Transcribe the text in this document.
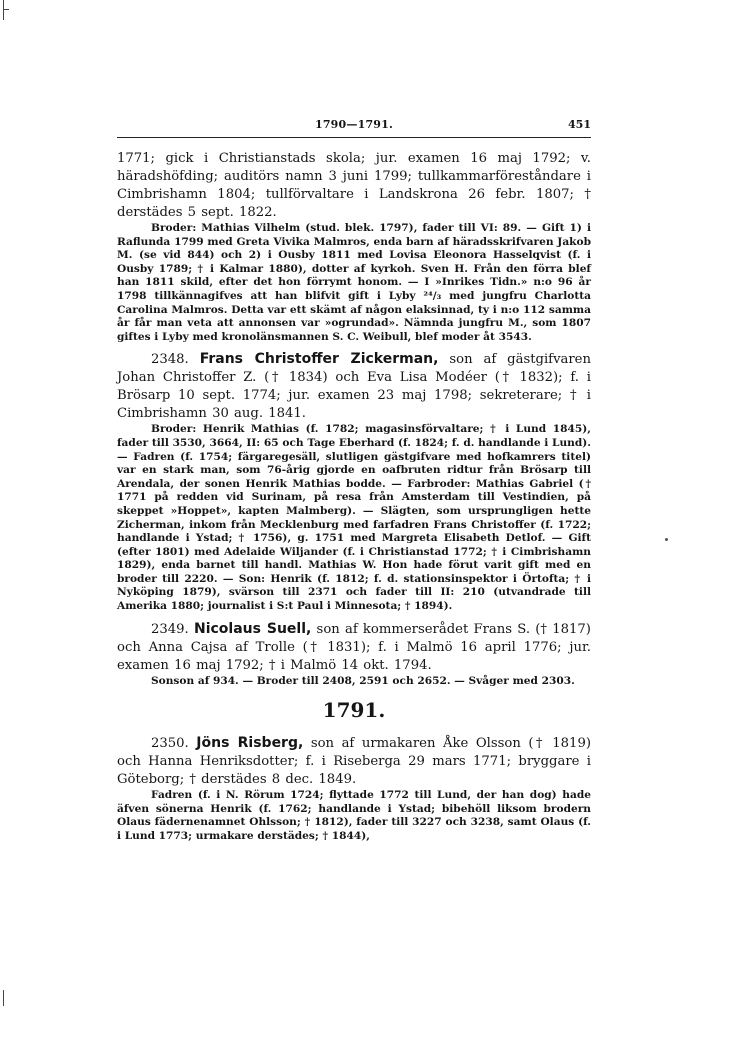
1790—1791.	451

1771; gick i Christianstads skola; jur. examen 16 maj 1792; v. häradshöfding; auditörs namn 3 juni 1799; tullkammarföreståndare i Cimbrishamn 1804; tullförvaltare i Landskrona 26 febr. 1807; † derstädes 5 sept. 1822.

Broder: Mathias Vilhelm (stud. blek. 1797), fader till VI: 89. — Gift 1) i Raflunda 1799 med Greta Vivika Malmros, enda barn af häradsskrifvaren Jakob M. (se vid 844) och 2) i Ousby 1811 med Lovisa Eleonora Hasselqvist (f. i Ousby 1789; † i Kalmar 1880), dotter af kyrkoh. Sven H. Från den förra blef han 1811 skild, efter det hon förrymt honom. — I »Inrikes Tidn.» n:o 96 år 1798 tillkännagifves att han blifvit gift i Lyby ²⁴/₃ med jungfru Charlotta Carolina Malmros. Detta var ett skämt af någon elaksinnad, ty i n:o 112 samma år får man veta att annonsen var »ogrundad». Nämnda jungfru M., som 1807 giftes i Lyby med kronolänsmannen S. C. Weibull, blef moder åt 3543.

2348. Frans Christoffer Zickerman, son af gästgifvaren Johan Christoffer Z. († 1834) och Eva Lisa Modéer († 1832); f. i Brösarp 10 sept. 1774; jur. examen 23 maj 1798; sekreterare; † i Cimbrishamn 30 aug. 1841.

Broder: Henrik Mathias (f. 1782; magasinsförvaltare; † i Lund 1845), fader till 3530, 3664, II: 65 och Tage Eberhard (f. 1824; f. d. handlande i Lund). — Fadren (f. 1754; färgaregesäll, slutligen gästgifvare med hofkamrers titel) var en stark man, som 76-årig gjorde en oafbruten ridtur från Brösarp till Arendala, der sonen Henrik Mathias bodde. — Farbroder: Mathias Gabriel († 1771 på redden vid Surinam, på resa från Amsterdam till Vestindien, på skeppet »Hoppet», kapten Malmberg). — Slägten, som ursprungligen hette Zicherman, inkom från Mecklenburg med farfadren Frans Christoffer (f. 1722; handlande i Ystad; † 1756), g. 1751 med Margreta Elisabeth Detlof. — Gift (efter 1801) med Adelaide Wiljander (f. i Christianstad 1772; † i Cimbrishamn 1829), enda barnet till handl. Mathias W. Hon hade förut varit gift med en broder till 2220. — Son: Henrik (f. 1812; f. d. stationsinspektor i Örtofta; † i Nyköping 1879), svärson till 2371 och fader till II: 210 (utvandrade till Amerika 1880; journalist i S:t Paul i Minnesota; † 1894).

2349. Nicolaus Suell, son af kommerserådet Frans S. († 1817) och Anna Cajsa af Trolle († 1831); f. i Malmö 16 april 1776; jur. examen 16 maj 1792; † i Malmö 14 okt. 1794.

Sonson af 934. — Broder till 2408, 2591 och 2652. — Svåger med 2303.

1791.

2350. Jöns Risberg, son af urmakaren Åke Olsson († 1819) och Hanna Henriksdotter; f. i Riseberga 29 mars 1771; bryggare i Göteborg; † derstädes 8 dec. 1849.

Fadren (f. i N. Rörum 1724; flyttade 1772 till Lund, der han dog) hade äfven sönerna Henrik (f. 1762; handlande i Ystad; bibehöll liksom brodern Olaus fädernenamnet Ohlsson; † 1812), fader till 3227 och 3238, samt Olaus (f. i Lund 1773; urmakare derstädes; † 1844),
